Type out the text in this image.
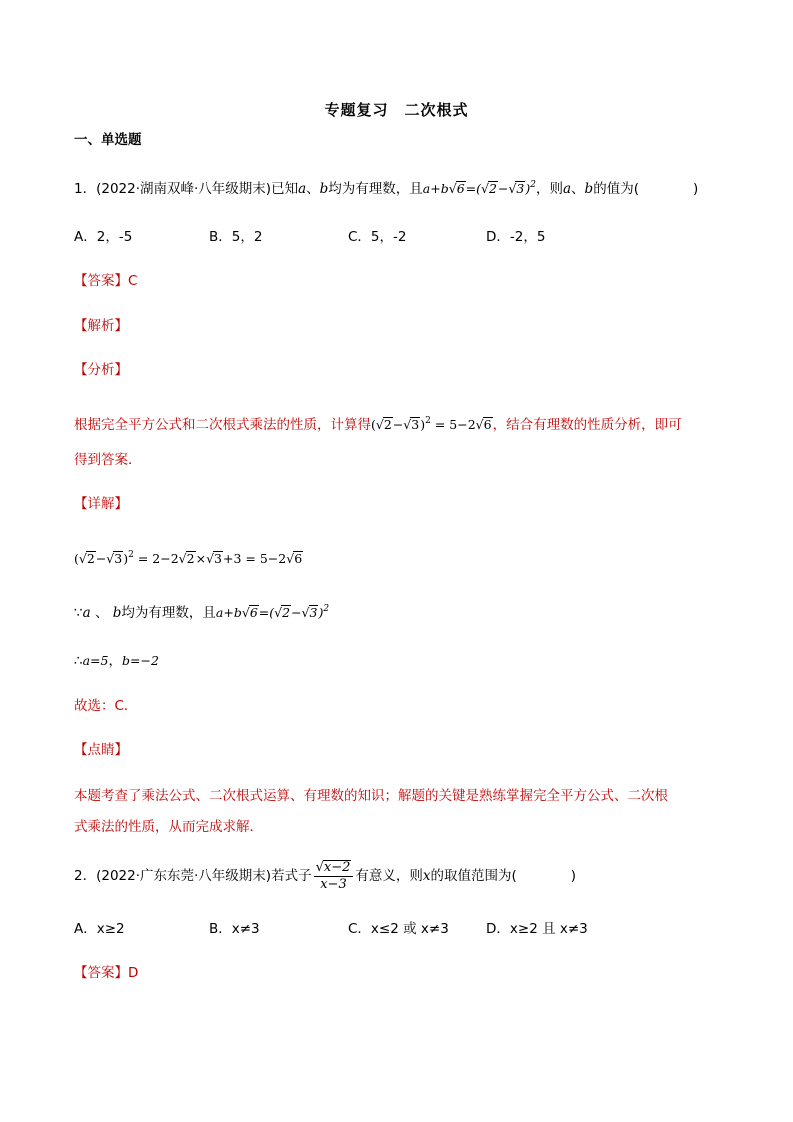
专题复习　二次根式
一、单选题
1．(2022·湖南双峰·八年级期末)已知a、b均为有理数，且$a+b√6=(√2-√3)^2$，则a、b的值为(　　　　)
A．2，-5	B．5，2	C．5，-2	D．-2，5
【答案】C
【解析】
【分析】
根据完全平方公式和二次根式乘法的性质，计算得$(√2-√3)^2 = 5-2√6$，结合有理数的性质分析，即可
得到答案．
【详解】
$(√2-√3)^2 = 2-2√2\times√3+3 = 5-2√6$
∵a 、 b均为有理数，且$a+b√6=(√2-√3)^2$
∴a=5，b=−2
故选：C．
【点睛】
本题考查了乘法公式、二次根式运算、有理数的知识；解题的关键是熟练掌握完全平方公式、二次根
式乘法的性质，从而完成求解．
2．(2022·广东东莞·八年级期末)若式子 $\frac{√x-2}{x-3}$ 有意义，则x的取值范围为(　　　　)
A．x≥2	B．x≠3	C．x≤2 或 x≠3	D．x≥2 且 x≠3
【答案】D
